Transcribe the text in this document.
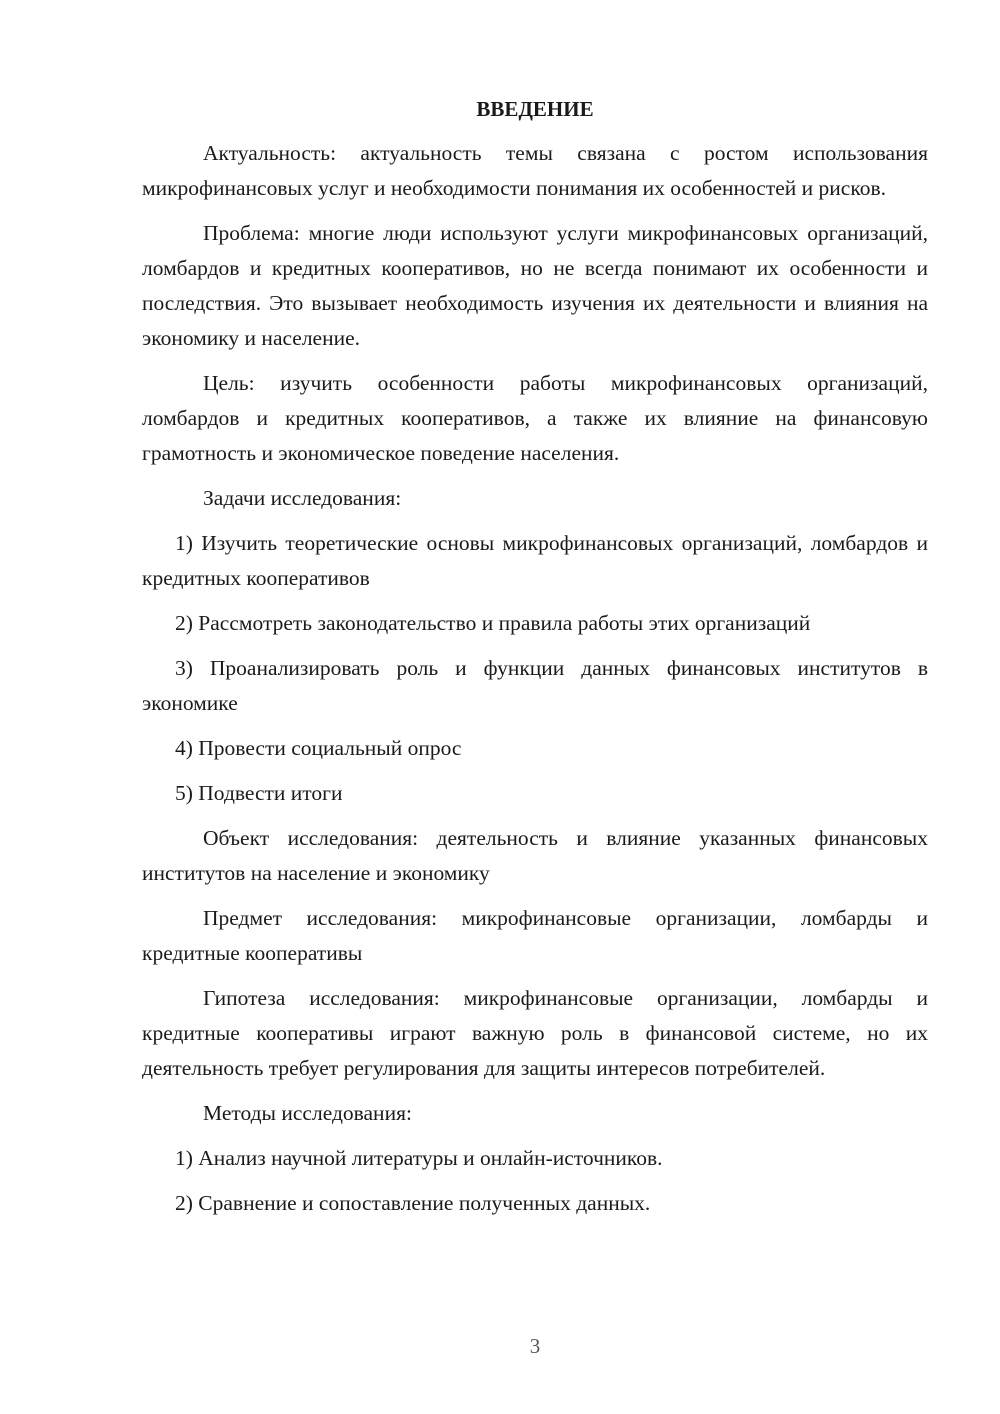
ВВЕДЕНИЕ

Актуальность: актуальность темы связана с ростом использования микрофинансовых услуг и необходимости понимания их особенностей и рисков.

Проблема: многие люди используют услуги микрофинансовых организаций, ломбардов и кредитных кооперативов, но не всегда понимают их особенности и последствия. Это вызывает необходимость изучения их деятельности и влияния на экономику и население.

Цель: изучить особенности работы микрофинансовых организаций, ломбардов и кредитных кооперативов, а также их влияние на финансовую грамотность и экономическое поведение населения.

Задачи исследования:

1) Изучить теоретические основы микрофинансовых организаций, ломбардов и кредитных кооперативов

2) Рассмотреть законодательство и правила работы этих организаций

3) Проанализировать роль и функции данных финансовых институтов в экономике

4) Провести социальный опрос

5) Подвести итоги

Объект исследования: деятельность и влияние указанных финансовых институтов на население и экономику

Предмет исследования: микрофинансовые организации, ломбарды и кредитные кооперативы

Гипотеза исследования: микрофинансовые организации, ломбарды и кредитные кооперативы играют важную роль в финансовой системе, но их деятельность требует регулирования для защиты интересов потребителей.

Методы исследования:

1) Анализ научной литературы и онлайн-источников.

2) Сравнение и сопоставление полученных данных.

3
